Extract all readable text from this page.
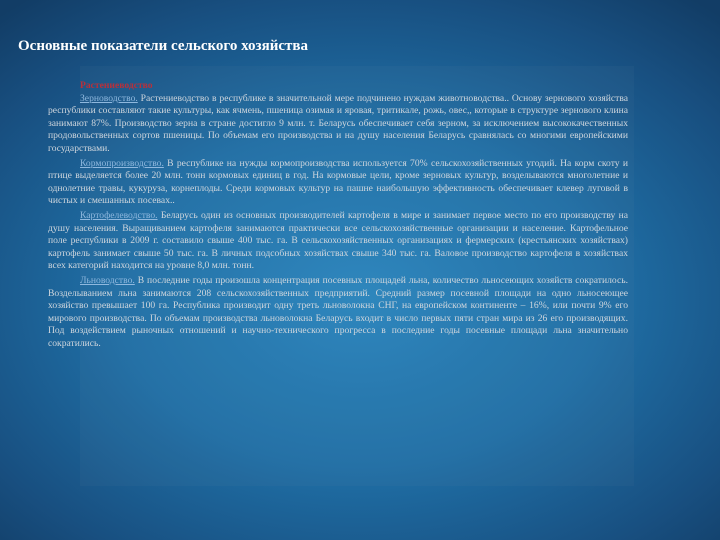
Основные показатели сельского хозяйства
Растениеводство

Зерноводство. Растениеводство в республике в значительной мере подчинено нуждам животноводства.. Основу зернового хозяйства республики составляют такие культуры, как ячмень, пшеница озимая и яровая, тритикале, рожь, овес,, которые в структуре зернового клина занимают 87%. Производство зерна в стране достигло 9 млн. т. Беларусь обеспечивает себя зерном, за исключением высококачественных продовольственных сортов пшеницы. По объемам его производства и на душу населения Беларусь сравнялась со многими европейскими государствами.

Кормопроизводство. В республике на нужды кормопроизводства используется 70% сельскохозяйственных угодий. На корм скоту и птице выделяется более 20 млн. тонн кормовых единиц в год. На кормовые цели, кроме зерновых культур, возделываются многолетние и однолетние травы, кукуруза, корнеплоды. Среди кормовых культур на пашне наибольшую эффективность обеспечивает клевер луговой в чистых и смешанных посевах..

Картофелеводство. Беларусь один из основных производителей картофеля в мире и занимает первое место по его производству на душу населения. Выращиванием картофеля занимаются практически все сельскохозяйственные организации и население. Картофельное поле республики в 2009 г. составило свыше 400 тыс. га. В сельскохозяйственных организациях и фермерских (крестьянских хозяйствах) картофель занимает свыше 50 тыс. га. В личных подсобных хозяйствах свыше 340 тыс. га. Валовое производство картофеля в хозяйствах всех категорий находится на уровне 8,0 млн. тонн.

Льноводство. В последние годы произошла концентрация посевных площадей льна, количество льносеющих хозяйств сократилось. Возделыванием льна занимаются 208 сельскохозяйственных предприятий. Средний размер посевной площади на одно льносеющее хозяйство превышает 100 га. Республика производит одну треть льноволокна СНГ, на европейском континенте – 16%, или почти 9% его мирового производства. По объемам производства льноволокна Беларусь входит в число первых пяти стран мира из 26 его производящих. Под воздействием рыночных отношений и научно-технического прогресса в последние годы посевные площади льна значительно сократились.
